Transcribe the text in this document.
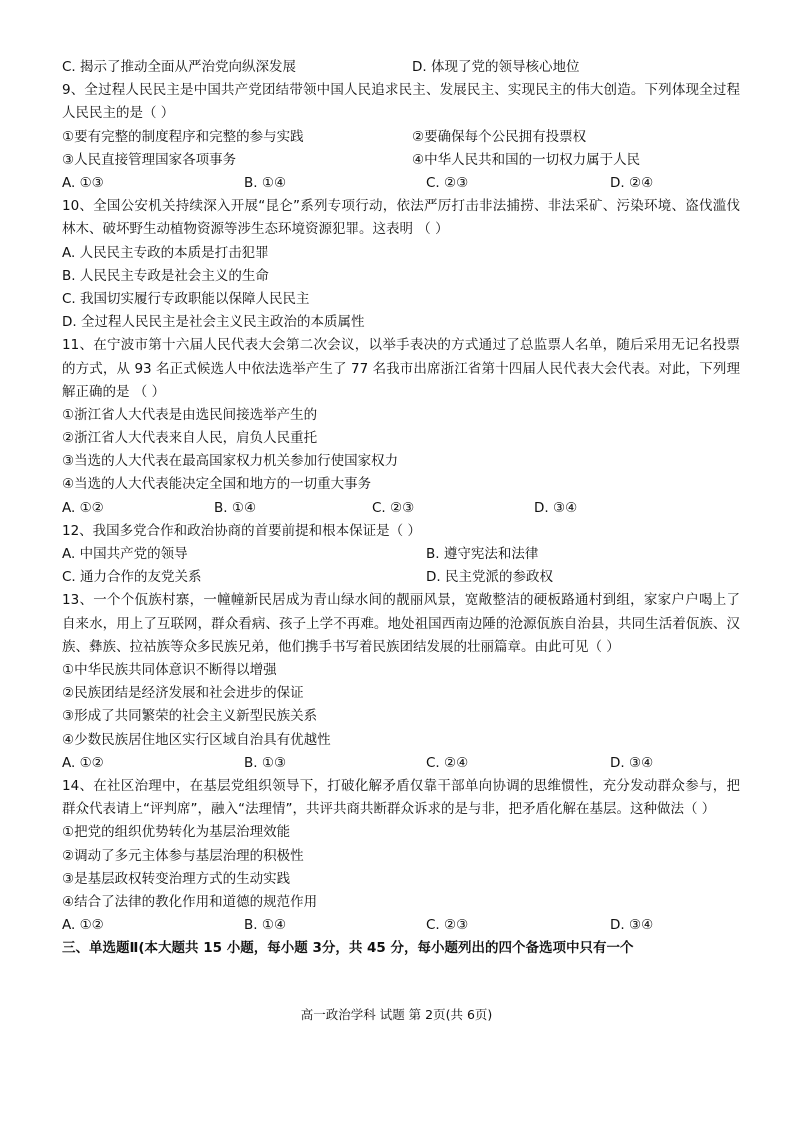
C. 揭示了推动全面从严治党向纵深发展	D. 体现了党的领导核心地位
9、全过程人民民主是中国共产党团结带领中国人民追求民主、发展民主、实现民主的伟大创造。下列体现全过程人民民主的是（ ）
①要有完整的制度程序和完整的参与实践	②要确保每个公民拥有投票权
③人民直接管理国家各项事务	④中华人民共和国的一切权力属于人民
A. ①③	B. ①④	C. ②③	D. ②④
10、全国公安机关持续深入开展“昆仑”系列专项行动，依法严厉打击非法捕捞、非法采矿、污染环境、盗伐滥伐林木、破坏野生动植物资源等涉生态环境资源犯罪。这表明 （ ）
A. 人民民主专政的本质是打击犯罪
B. 人民民主专政是社会主义的生命
C. 我国切实履行专政职能以保障人民民主
D. 全过程人民民主是社会主义民主政治的本质属性
11、在宁波市第十六届人民代表大会第二次会议，以举手表决的方式通过了总监票人名单，随后采用无记名投票的方式，从 93 名正式候选人中依法选举产生了 77 名我市出席浙江省第十四届人民代表大会代表。对此，下列理解正确的是 （ ）
①浙江省人大代表是由选民间接选举产生的
②浙江省人大代表来自人民，肩负人民重托
③当选的人大代表在最高国家权力机关参加行使国家权力
④当选的人大代表能决定全国和地方的一切重大事务
A. ①②	B. ①④	C. ②③	D. ③④
12、我国多党合作和政治协商的首要前提和根本保证是（ ）
A. 中国共产党的领导	B. 遵守宪法和法律
C. 通力合作的友党关系	D. 民主党派的参政权
13、一个个佤族村寨，一幢幢新民居成为青山绿水间的靓丽风景，宽敞整洁的硬板路通村到组，家家户户喝上了自来水，用上了互联网，群众看病、孩子上学不再难。地处祖国西南边陲的沧源佤族自治县，共同生活着佤族、汉族、彝族、拉祜族等众多民族兄弟，他们携手书写着民族团结发展的壮丽篇章。由此可见（ ）
①中华民族共同体意识不断得以增强
②民族团结是经济发展和社会进步的保证
③形成了共同繁荣的社会主义新型民族关系
④少数民族居住地区实行区域自治具有优越性
A. ①②	B. ①③	C. ②④	D. ③④
14、在社区治理中，在基层党组织领导下，打破化解矛盾仅靠干部单向协调的思维惯性，充分发动群众参与，把群众代表请上“评判席”，融入“法理情”，共评共商共断群众诉求的是与非，把矛盾化解在基层。这种做法（ ）
①把党的组织优势转化为基层治理效能
②调动了多元主体参与基层治理的积极性
③是基层政权转变治理方式的生动实践
④结合了法律的教化作用和道德的规范作用
A. ①②	B. ①④	C. ②③	D. ③④
三、单选题Ⅱ(本大题共 15 小题，每小题 3分，共 45 分，每小题列出的四个备选项中只有一个
高一政治学科 试题 第 2页(共 6页)
